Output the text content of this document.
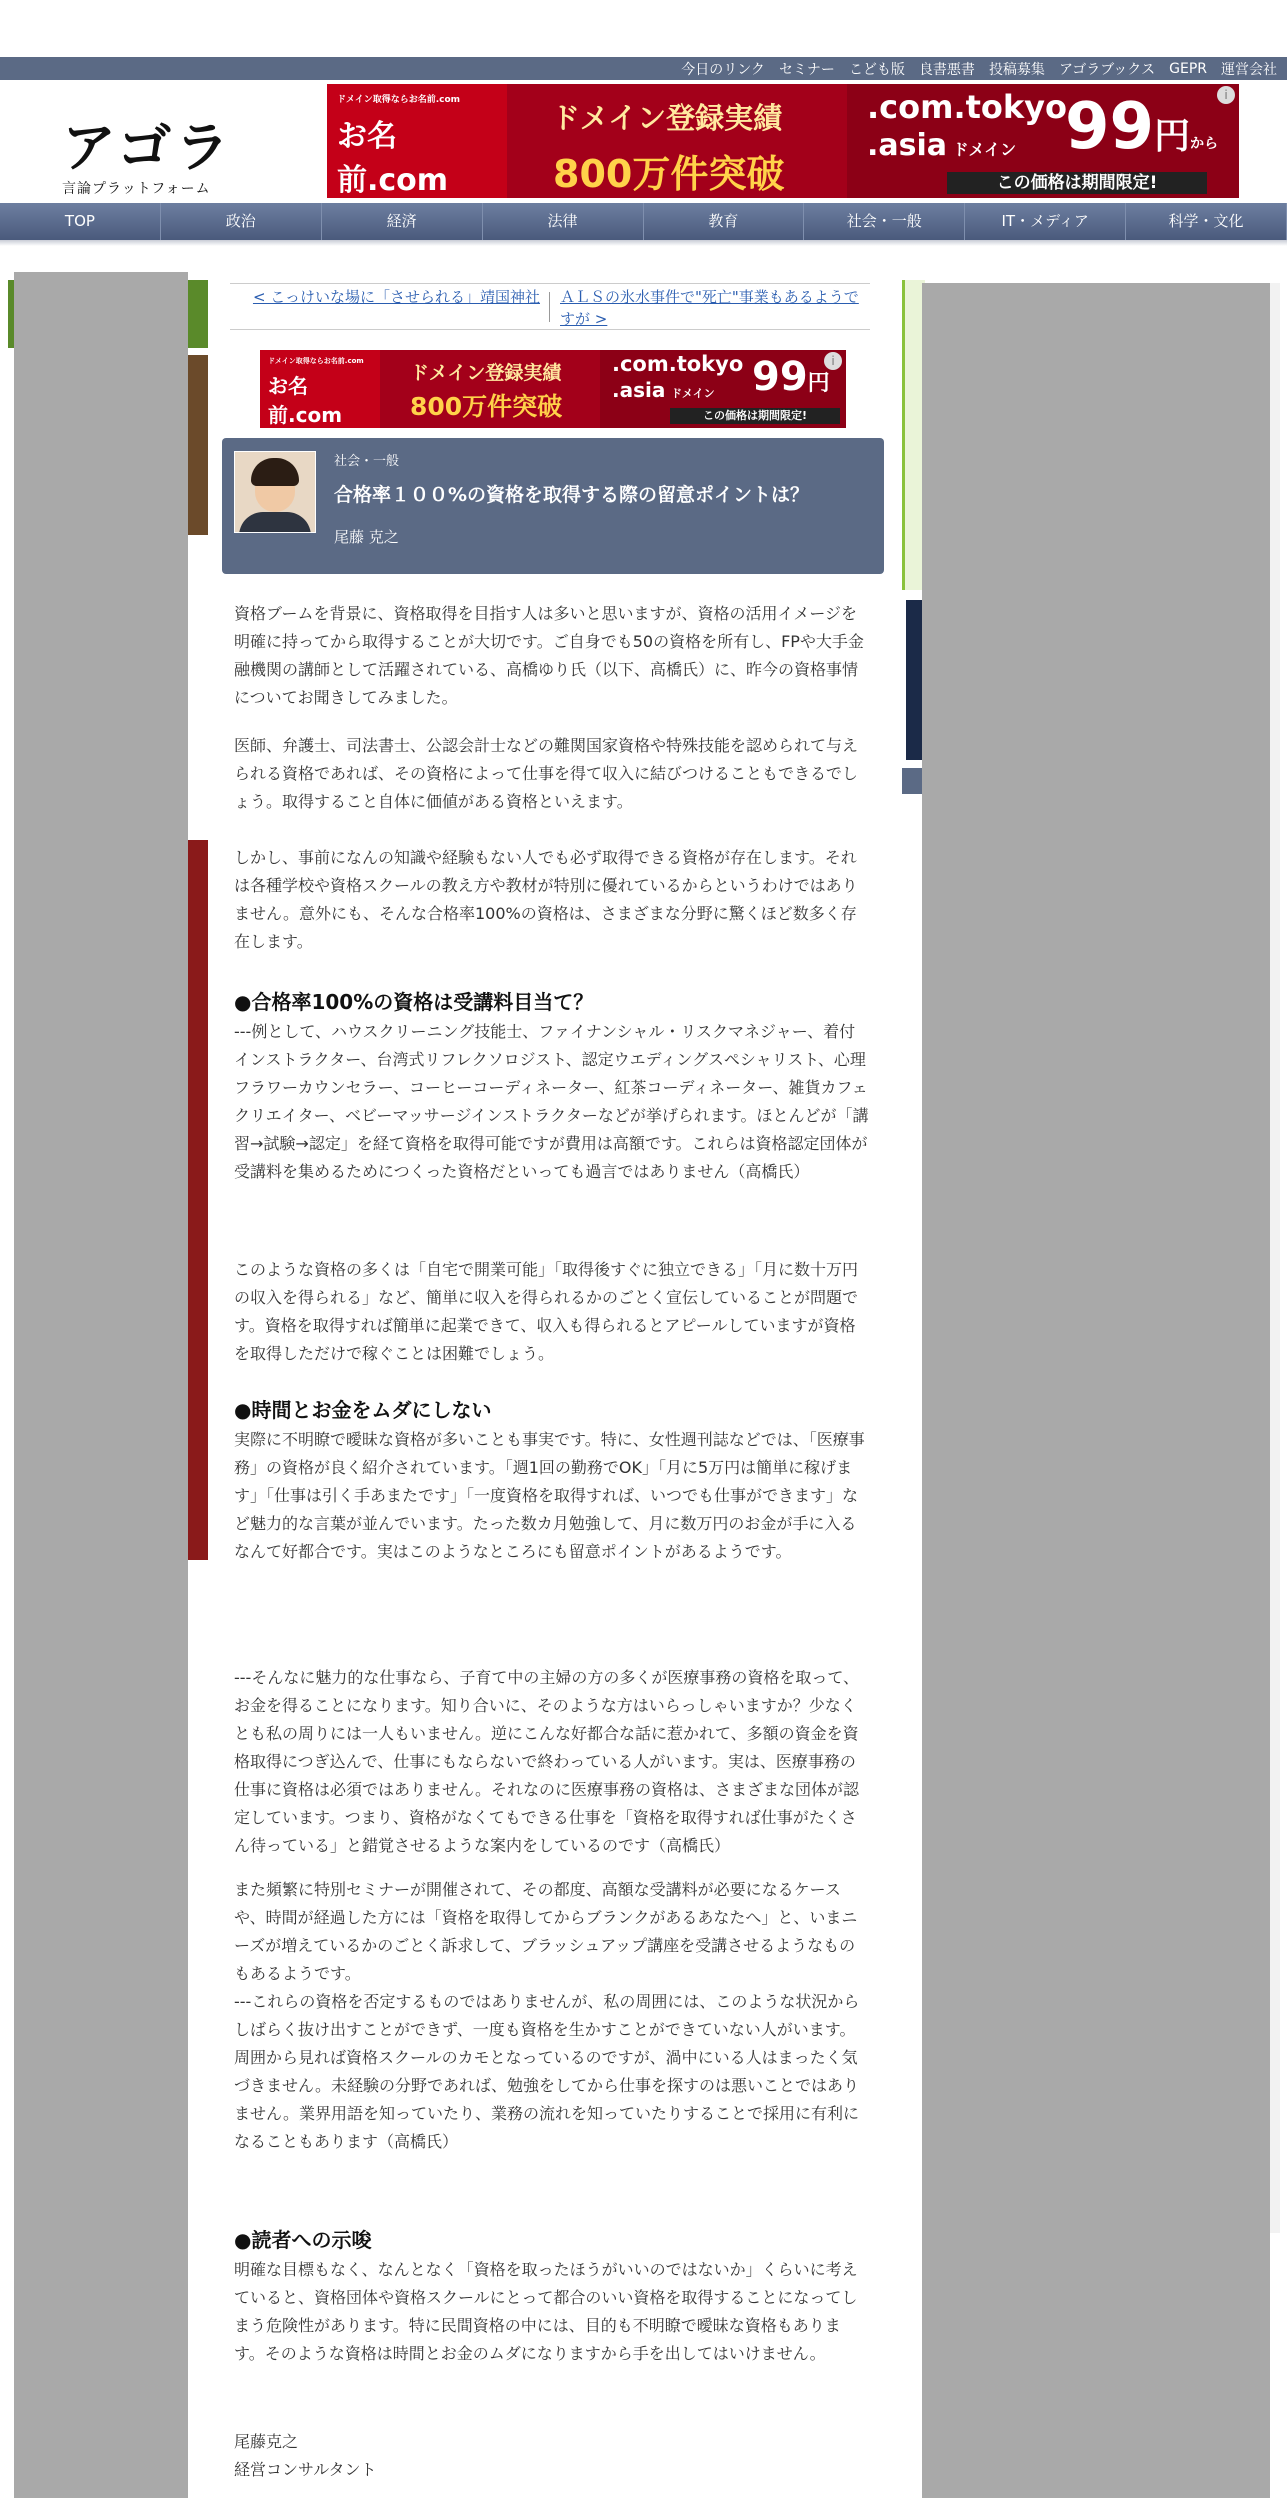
今日のリンク セミナー こども版 良書悪書 投稿募集 アゴラブックス GEPR 運営会社
アゴラ
言論プラットフォーム
ドメイン取得ならお名前.com
お名前.com
ドメイン登録実績
800万件突破
.com.tokyo
.asia ドメイン 99円から
この価格は期間限定!
i
TOP	政治	経済	法律	教育	社会・一般	IT・メディア	科学・文化
< こっけいな場に「させられる」靖国神社 ＡＬＳの氷水事件で"死亡"事業もあるようですが >
ドメイン取得ならお名前.com
お名前.com
ドメイン登録実績
800万件突破
.com.tokyo
.asia ドメイン 99円
この価格は期間限定!
i
社会・一般
合格率１００%の資格を取得する際の留意ポイントは？
尾藤 克之

資格ブームを背景に、資格取得を目指す人は多いと思いますが、資格の活用イメージを明確に持ってから取得することが大切です。ご自身でも50の資格を所有し、FPや大手金融機関の講師として活躍されている、高橋ゆり氏（以下、高橋氏）に、昨今の資格事情についてお聞きしてみました。

医師、弁護士、司法書士、公認会計士などの難関国家資格や特殊技能を認められて与えられる資格であれば、その資格によって仕事を得て収入に結びつけることもできるでしょう。取得すること自体に価値がある資格といえます。

しかし、事前になんの知識や経験もない人でも必ず取得できる資格が存在します。それは各種学校や資格スクールの教え方や教材が特別に優れているからというわけではありません。意外にも、そんな合格率100%の資格は、さまざまな分野に驚くほど数多く存在します。

●合格率100%の資格は受講料目当て？

---例として、ハウスクリーニング技能士、ファイナンシャル・リスクマネジャー、着付インストラクター、台湾式リフレクソロジスト、認定ウエディングスペシャリスト、心理フラワーカウンセラー、コーヒーコーディネーター、紅茶コーディネーター、雑貨カフェクリエイター、ベビーマッサージインストラクターなどが挙げられます。ほとんどが「講習→試験→認定」を経て資格を取得可能ですが費用は高額です。これらは資格認定団体が受講料を集めるためにつくった資格だといっても過言ではありません（高橋氏）

このような資格の多くは「自宅で開業可能」「取得後すぐに独立できる」「月に数十万円の収入を得られる」など、簡単に収入を得られるかのごとく宣伝していることが問題です。資格を取得すれば簡単に起業できて、収入も得られるとアピールしていますが資格を取得しただけで稼ぐことは困難でしょう。

●時間とお金をムダにしない

実際に不明瞭で曖昧な資格が多いことも事実です。特に、女性週刊誌などでは、「医療事務」の資格が良く紹介されています。「週1回の勤務でOK」「月に5万円は簡単に稼げます」「仕事は引く手あまたです」「一度資格を取得すれば、いつでも仕事ができます」など魅力的な言葉が並んでいます。たった数カ月勉強して、月に数万円のお金が手に入るなんて好都合です。実はこのようなところにも留意ポイントがあるようです。

---そんなに魅力的な仕事なら、子育て中の主婦の方の多くが医療事務の資格を取って、お金を得ることになります。知り合いに、そのような方はいらっしゃいますか？少なくとも私の周りには一人もいません。逆にこんな好都合な話に惹かれて、多額の資金を資格取得につぎ込んで、仕事にもならないで終わっている人がいます。実は、医療事務の仕事に資格は必須ではありません。それなのに医療事務の資格は、さまざまな団体が認定しています。つまり、資格がなくてもできる仕事を「資格を取得すれば仕事がたくさん待っている」と錯覚させるような案内をしているのです（高橋氏）

また頻繁に特別セミナーが開催されて、その都度、高額な受講料が必要になるケースや、時間が経過した方には「資格を取得してからブランクがあるあなたへ」と、いまニーズが増えているかのごとく訴求して、ブラッシュアップ講座を受講させるようなものもあるようです。

---これらの資格を否定するものではありませんが、私の周囲には、このような状況からしばらく抜け出すことができず、一度も資格を生かすことができていない人がいます。周囲から見れば資格スクールのカモとなっているのですが、渦中にいる人はまったく気づきません。未経験の分野であれば、勉強をしてから仕事を探すのは悪いことではありません。業界用語を知っていたり、業務の流れを知っていたりすることで採用に有利になることもあります（高橋氏）

●読者への示唆

明確な目標もなく、なんとなく「資格を取ったほうがいいのではないか」くらいに考えていると、資格団体や資格スクールにとって都合のいい資格を取得することになってしまう危険性があります。特に民間資格の中には、目的も不明瞭で曖昧な資格もあります。そのような資格は時間とお金のムダになりますから手を出してはいけません。

尾藤克之
経営コンサルタント
